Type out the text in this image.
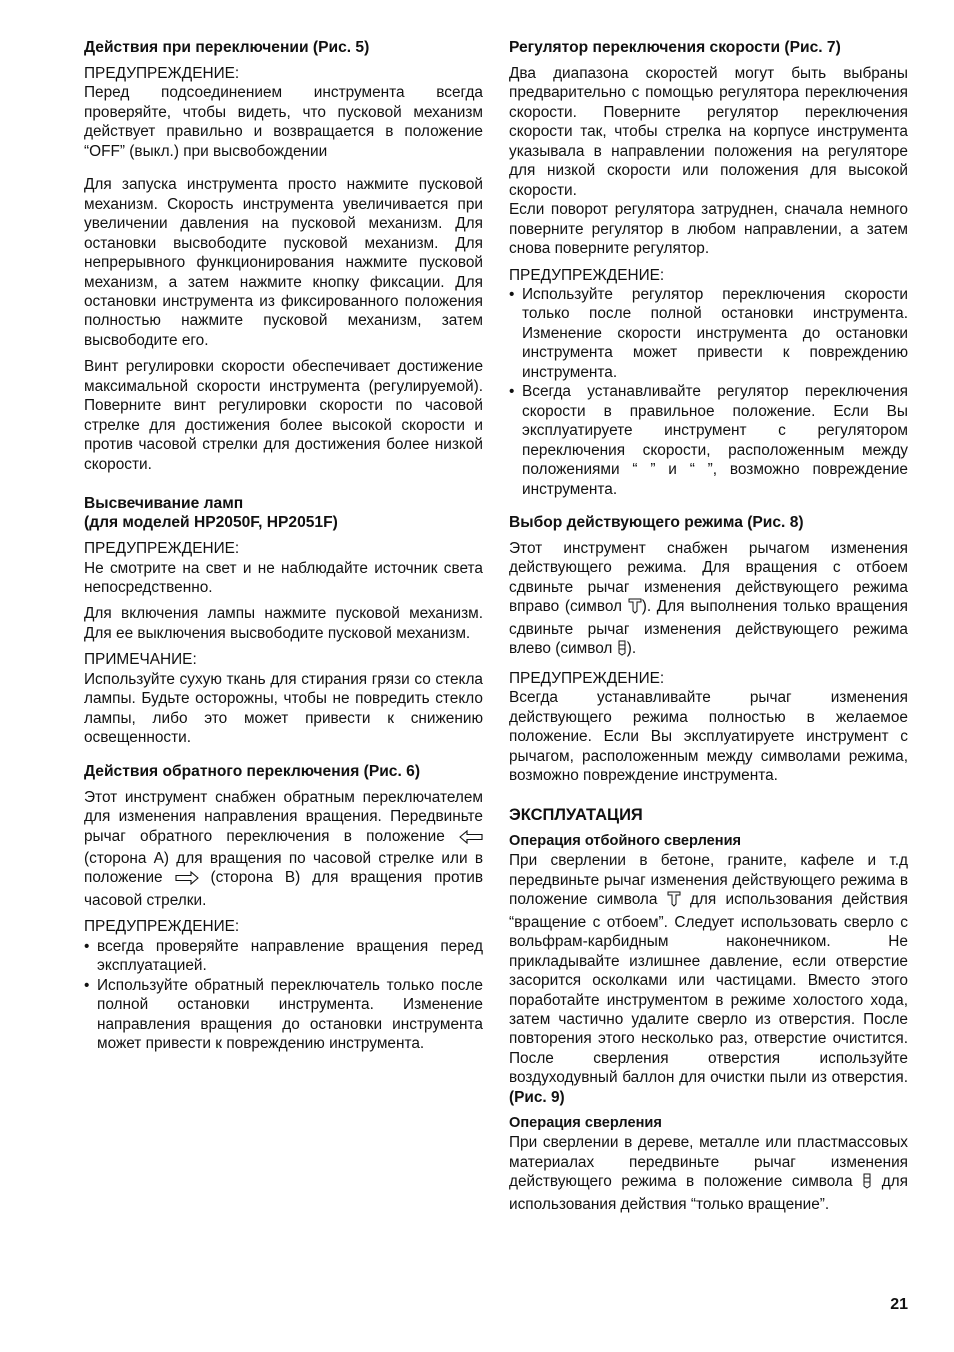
Действия при переключении (Рис. 5)

ПРЕДУПРЕЖДЕНИЕ:

Перед подсоединением инструмента всегда проверяйте, чтобы видеть, что пусковой механизм действует правильно и возвращается в положение “OFF” (выкл.) при высвобождении

Для запуска инструмента просто нажмите пусковой механизм. Скорость инструмента увеличивается при увеличении давления на пусковой механизм. Для остановки высвободите пусковой механизм. Для непрерывного функционирования нажмите пусковой механизм, а затем нажмите кнопку фиксации. Для остановки инструмента из фиксированного положения полностью нажмите пусковой механизм, затем высвободите его.

Винт регулировки скорости обеспечивает достижение максимальной скорости инструмента (регулируемой). Поверните винт регулировки скорости по часовой стрелке для достижения более высокой скорости и против часовой стрелки для достижения более низкой скорости.

Высвечивание ламп
(для моделей HP2050F, HP2051F)

ПРЕДУПРЕЖДЕНИЕ:

Не смотрите на свет и не наблюдайте источник света непосредственно.

Для включения лампы нажмите пусковой механизм. Для ее выключения высвободите пусковой механизм.

ПРИМЕЧАНИЕ:

Используйте сухую ткань для стирания грязи со стекла лампы. Будьте осторожны, чтобы не повредить стекло лампы, либо это может привести к снижению освещенности.

Действия обратного переключения (Рис. 6)

Этот инструмент снабжен обратным переключателем для изменения направления вращения. Передвиньте рычаг обратного переключения в положение  (сторона A) для вращения по часовой стрелке или в положение	(сторона B) для вращения против часовой стрелки.

ПРЕДУПРЕЖДЕНИЕ:

• всегда проверяйте направление вращения перед эксплуатацией.
• Используйте обратный переключатель только после полной остановки инструмента. Изменение направления вращения до остановки инструмента может привести к повреждению инструмента.
Регулятор переключения скорости (Рис. 7)

Два диапазона скоростей могут быть выбраны предварительно с помощью регулятора переключения скорости. Поверните регулятор переключения скорости так, чтобы стрелка на корпусе инструмента указывала в направлении положения на регуляторе для низкой скорости или положения для высокой скорости.

Если поворот регулятора затруднен, сначала немного поверните регулятор в любом направлении, а затем снова поверните регулятор.

ПРЕДУПРЕЖДЕНИЕ:

• Используйте регулятор переключения скорости только после полной остановки инструмента. Изменение скорости инструмента до остановки инструмента может привести к повреждению инструмента.
• Всегда устанавливайте регулятор переключения скорости в правильное положение. Если Вы эксплуатируете инструмент с регулятором переключения скорости, расположенным между положениями “ ” и “ ”, возможно повреждение инструмента.
Выбор действующего режима (Рис. 8)

Этот инструмент снабжен рычагом изменения действующего режима. Для вращения с отбоем сдвиньте рычаг изменения действующего режима вправо (символ ). Для выполнения только вращения сдвиньте рычаг изменения действующего режима влево (символ ).

ПРЕДУПРЕЖДЕНИЕ:

Всегда устанавливайте рычаг изменения действующего режима полностью в желаемое положение. Если Вы эксплуатируете инструмент с рычагом, расположенным между символами режима, возможно повреждение инструмента.

ЭКСПЛУАТАЦИЯ
Операция отбойного сверления

При сверлении в бетоне, граните, кафеле и т.д передвиньте рычаг изменения действующего режима в положение символа для использования действия “вращение с отбоем”. Следует использовать сверло с вольфрам-карбидным наконечником. Не прикладывайте излишнее давление, если отверстие засорится осколками или частицами. Вместо этого поработайте инструментом в режиме холостого хода, затем частично удалите сверло из отверстия. После повторения этого несколько раз, отверстие очистится. После сверления отверстия используйте воздуходувный баллон для очистки пыли из отверстия. (Рис. 9)

Операция сверления

При сверлении в дереве, металле или пластмассовых материалах передвиньте рычаг изменения действующего режима в положение символа для использования действия “только вращение”.

21
